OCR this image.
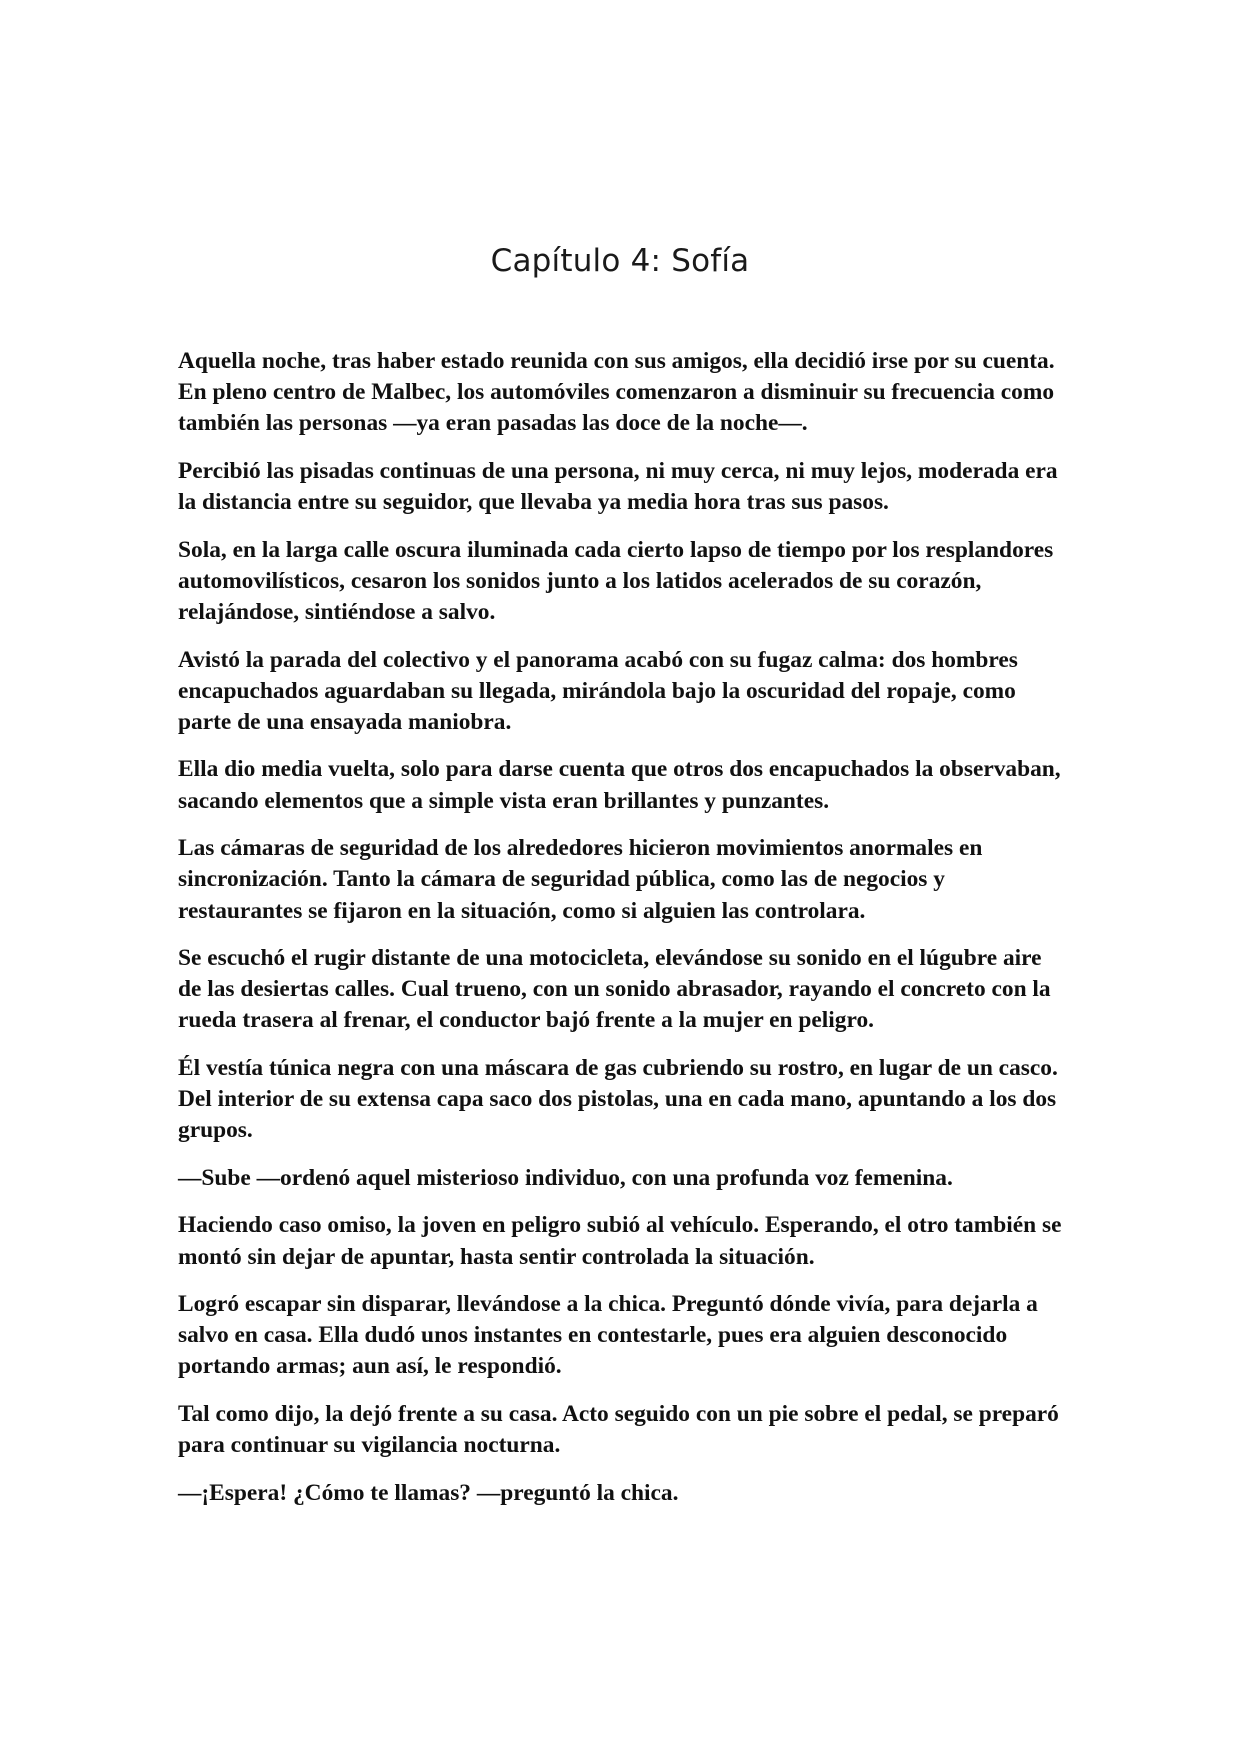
Capítulo 4: Sofía

Aquella noche, tras haber estado reunida con sus amigos, ella decidió irse por su cuenta. En pleno centro de Malbec, los automóviles comenzaron a disminuir su frecuencia como también las personas —ya eran pasadas las doce de la noche—.

Percibió las pisadas continuas de una persona, ni muy cerca, ni muy lejos, moderada era la distancia entre su seguidor, que llevaba ya media hora tras sus pasos.

Sola, en la larga calle oscura iluminada cada cierto lapso de tiempo por los resplandores automovilísticos, cesaron los sonidos junto a los latidos acelerados de su corazón, relajándose, sintiéndose a salvo.

Avistó la parada del colectivo y el panorama acabó con su fugaz calma: dos hombres encapuchados aguardaban su llegada, mirándola bajo la oscuridad del ropaje, como parte de una ensayada maniobra.

Ella dio media vuelta, solo para darse cuenta que otros dos encapuchados la observaban, sacando elementos que a simple vista eran brillantes y punzantes.

Las cámaras de seguridad de los alrededores hicieron movimientos anormales en sincronización. Tanto la cámara de seguridad pública, como las de negocios y restaurantes se fijaron en la situación, como si alguien las controlara.

Se escuchó el rugir distante de una motocicleta, elevándose su sonido en el lúgubre aire de las desiertas calles. Cual trueno, con un sonido abrasador, rayando el concreto con la rueda trasera al frenar, el conductor bajó frente a la mujer en peligro.

Él vestía túnica negra con una máscara de gas cubriendo su rostro, en lugar de un casco. Del interior de su extensa capa saco dos pistolas, una en cada mano, apuntando a los dos grupos.

—Sube —ordenó aquel misterioso individuo, con una profunda voz femenina.

Haciendo caso omiso, la joven en peligro subió al vehículo. Esperando, el otro también se montó sin dejar de apuntar, hasta sentir controlada la situación.

Logró escapar sin disparar, llevándose a la chica. Preguntó dónde vivía, para dejarla a salvo en casa. Ella dudó unos instantes en contestarle, pues era alguien desconocido portando armas; aun así, le respondió.

Tal como dijo, la dejó frente a su casa. Acto seguido con un pie sobre el pedal, se preparó para continuar su vigilancia nocturna.

—¡Espera! ¿Cómo te llamas? —preguntó la chica.
